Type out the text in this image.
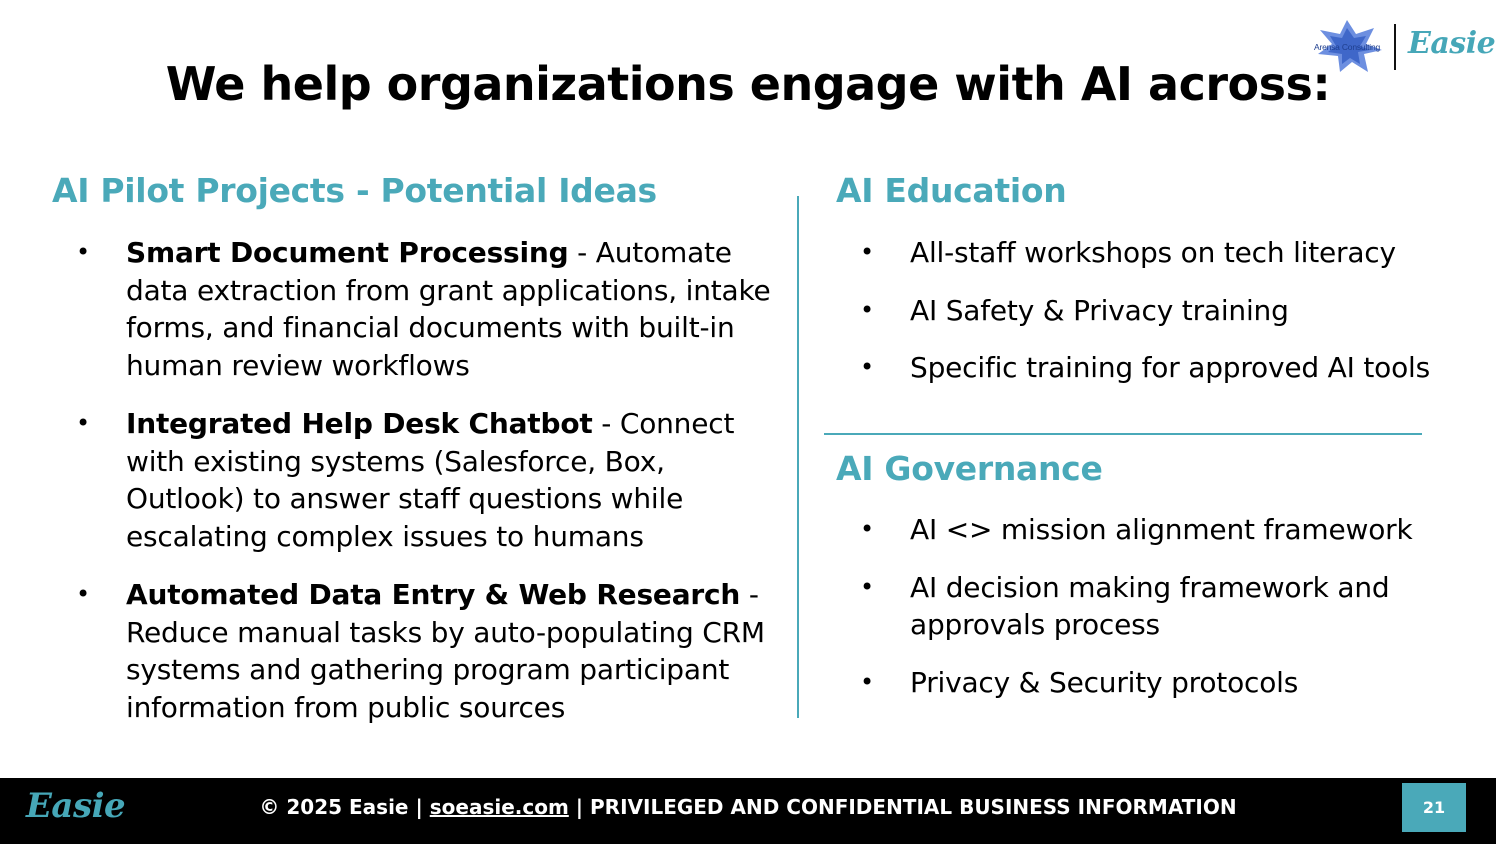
We help organizations engage with AI across:
Arensa Consulting Easie
AI Pilot Projects - Potential Ideas
• Smart Document Processing - Automate data extraction from grant applications, intake forms, and financial documents with built-in human review workflows
• Integrated Help Desk Chatbot - Connect with existing systems (Salesforce, Box, Outlook) to answer staff questions while escalating complex issues to humans
• Automated Data Entry & Web Research - Reduce manual tasks by auto-populating CRM systems and gathering program participant information from public sources
AI Education
• All-staff workshops on tech literacy
• AI Safety & Privacy training
• Specific training for approved AI tools
AI Governance
• AI <> mission alignment framework
• AI decision making framework and approvals process
• Privacy & Security protocols
Easie	© 2025 Easie | soeasie.com | PRIVILEGED AND CONFIDENTIAL BUSINESS INFORMATION	21
